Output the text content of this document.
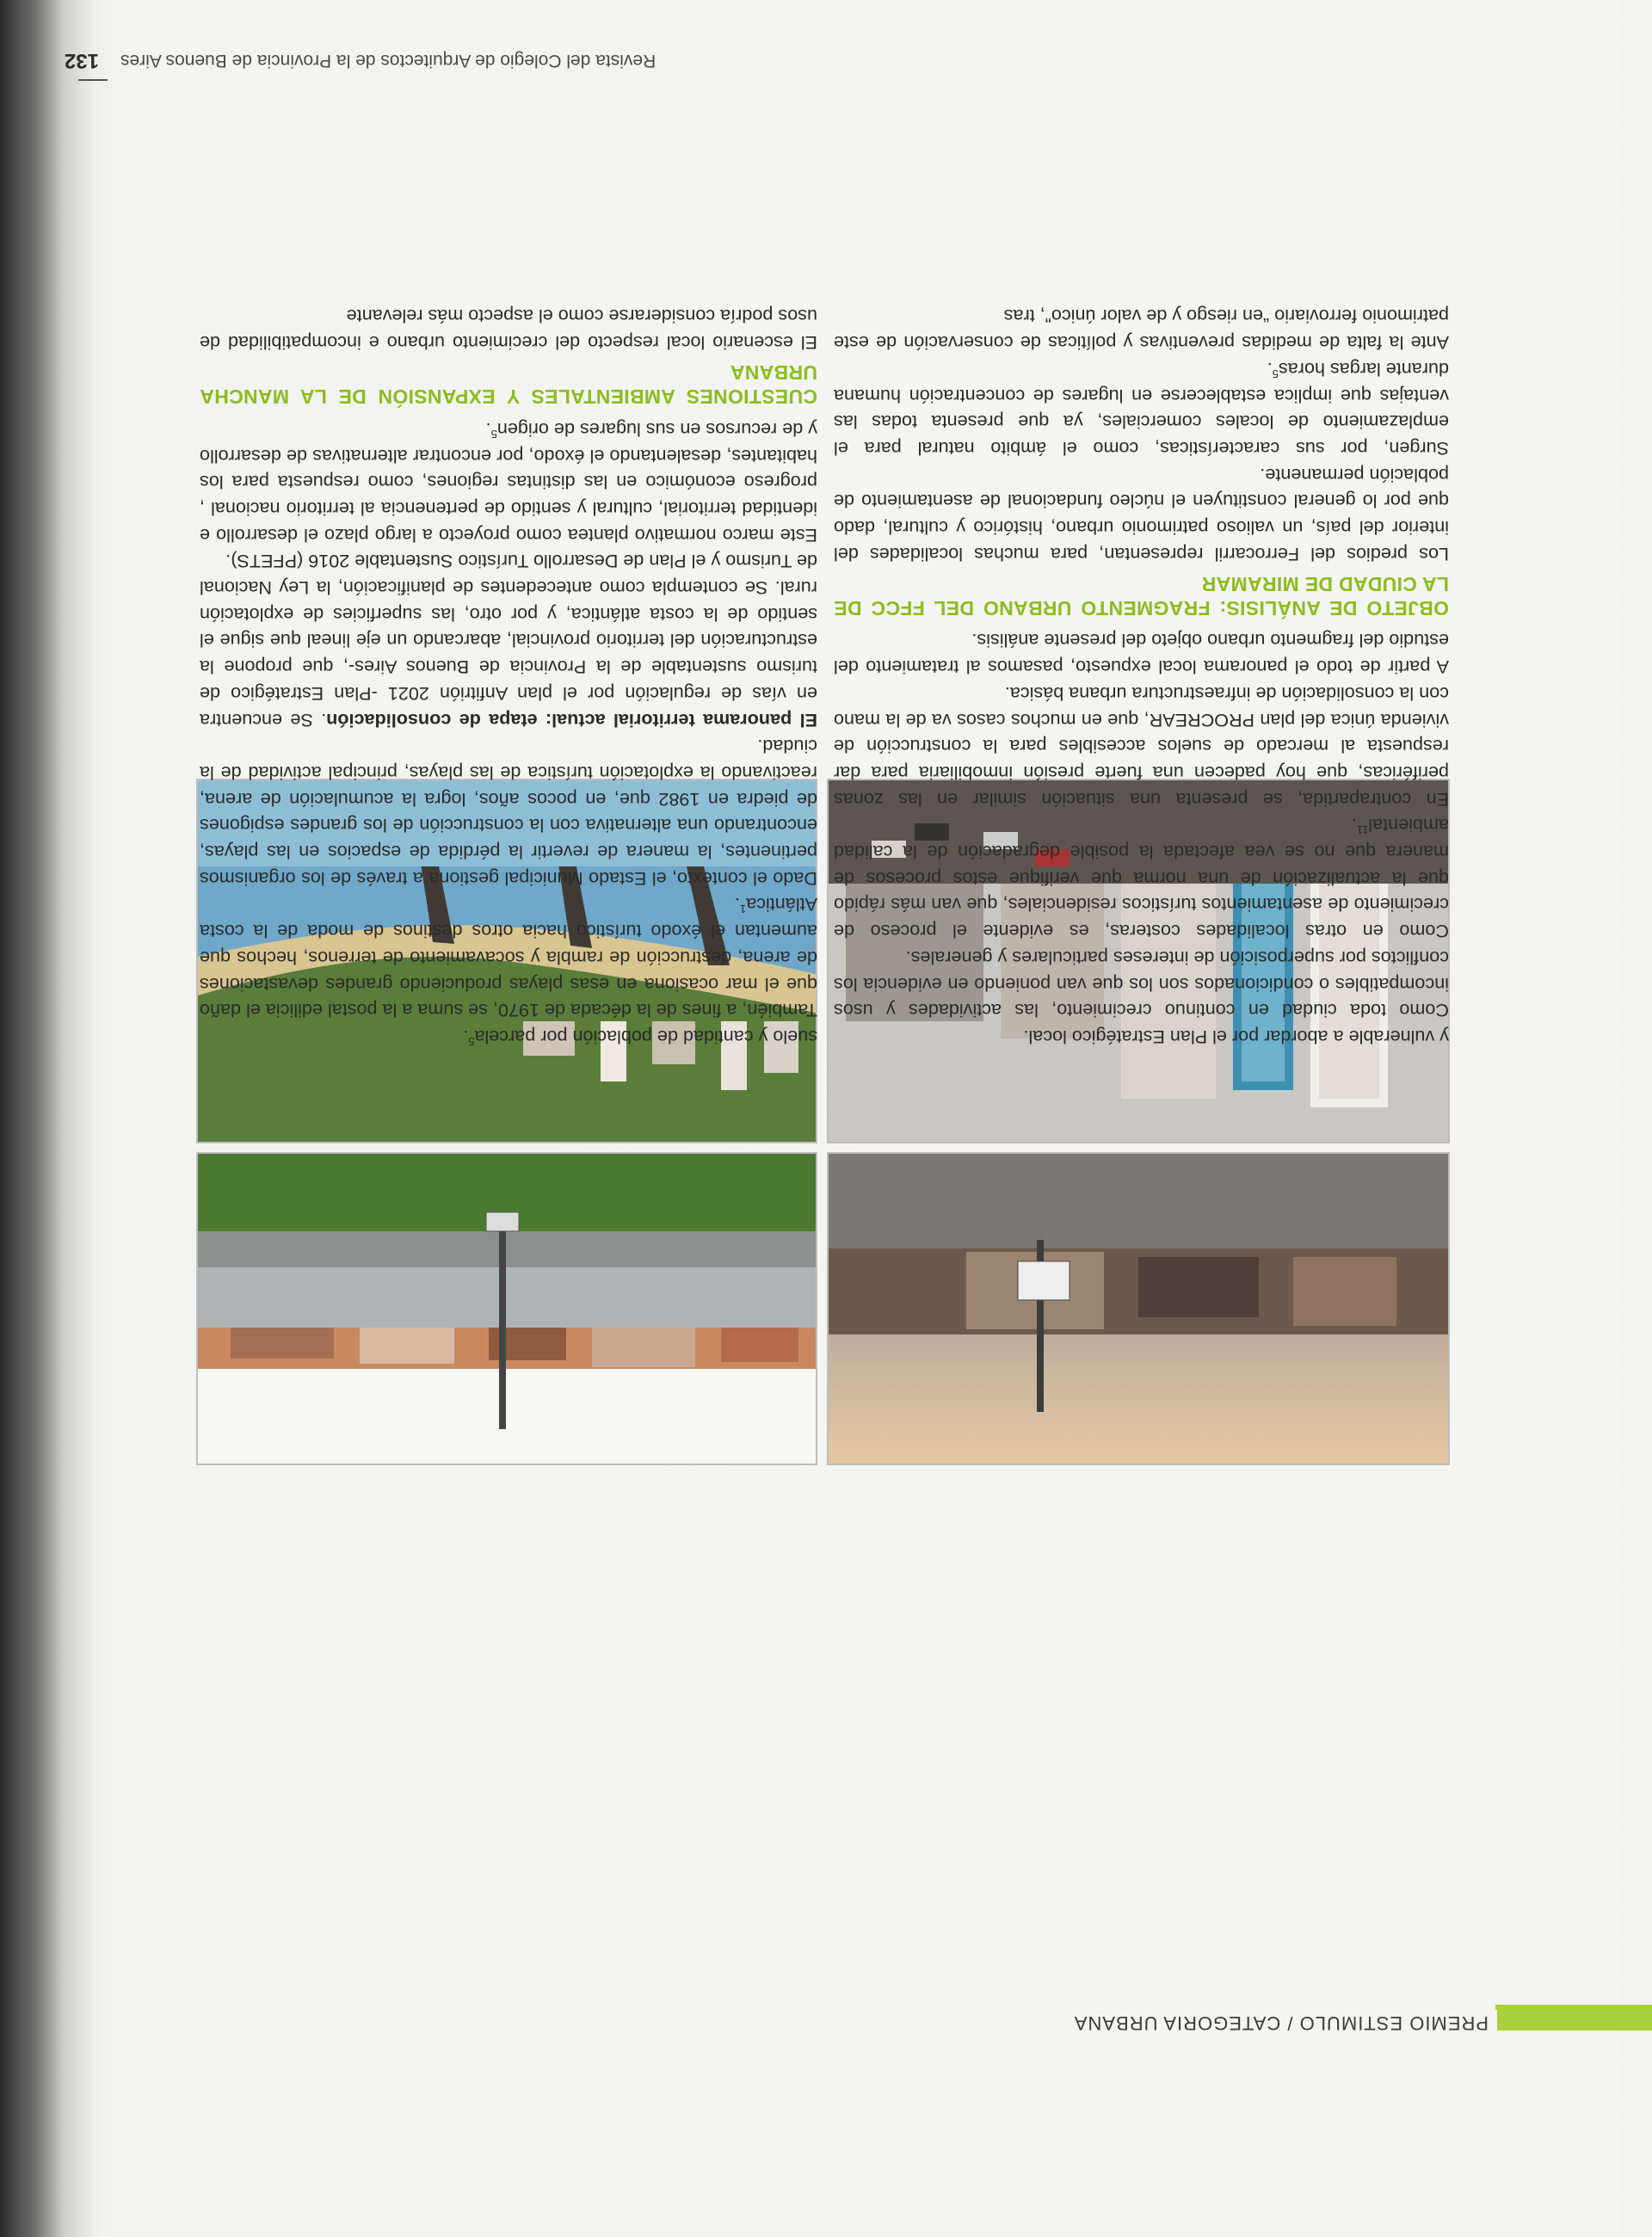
PREMIO ESTIMULO / CATEGORIA URBANA

y vulnerable a abordar por el Plan Estratégico local.

Como toda ciudad en continuo crecimiento, las actividades y usos incompatibles o condicionados son los que van poniendo en evidencia los conflictos por superposición de intereses particulares y generales.

Como en otras localidades costeras, es evidente el proceso de crecimiento de asentamientos turísticos residenciales, que van más rápido que la actualización de una norma que verifique estos procesos de manera que no se vea afectada la posible degradación de la calidad ambiental$^{11}$.

En contrapartida, se presenta una situación similar en las zonas periféricas, que hoy padecen una fuerte presión inmobiliaria para dar respuesta al mercado de suelos accesibles para la construcción de vivienda única del plan PROCREAR, que en muchos casos va de la mano con la consolidación de infraestructura urbana básica.

A partir de todo el panorama local expuesto, pasamos al tratamiento del estudio del fragmento urbano objeto del presente análisis.

OBJETO DE ANÁLISIS: FRAGMENTO URBANO DEL FFCC DE LA CIUDAD DE MIRAMAR

Los predios del Ferrocarril representan, para muchas localidades del interior del país, un valioso patrimonio urbano, histórico y cultural, dado que por lo general constituyen el núcleo fundacional de asentamiento de población permanente.

Surgen, por sus características, como el ámbito natural para el emplazamiento de locales comerciales, ya que presenta todas las ventajas que implica establecerse en lugares de concentración humana durante largas horas$^5$.

Ante la falta de medidas preventivas y políticas de conservación de este patrimonio ferroviario “en riesgo y de valor único”, tras

suelo y cantidad de población por parcela$^5$.

También, a fines de la década de 1970, se suma a la postal edilicia el daño que el mar ocasiona en esas playas produciendo grandes devastaciones de arena, destrucción de rambla y socavamiento de terrenos, hechos que aumentan el éxodo turístico hacia otros destinos de moda de la costa Atlántica$^1$.

Dado el contexto, el Estado Municipal gestiona a través de los organismos pertinentes, la manera de revertir la pérdida de espacios en las playas, encontrando una alternativa con la construcción de los grandes espigones de piedra en 1982 que, en pocos años, logra la acumulación de arena, reactivando la explotación turística de las playas, principal actividad de la ciudad.

El panorama territorial actual: etapa de consolidación. Se encuentra en vías de regulación por el plan Anfitrión 2021 -Plan Estratégico de turismo sustentable de la Provincia de Buenos Aires-, que propone la estructuración del territorio provincial, abarcando un eje lineal que sigue el sentido de la costa atlántica, y por otro, las superficies de explotación rural. Se contempla como antecedentes de planificación, la Ley Nacional de Turismo y el Plan de Desarrollo Turístico Sustentable 2016 (PFETS).

Este marco normativo plantea como proyecto a largo plazo el desarrollo e identidad territorial, cultural y sentido de pertenencia al territorio nacional , progreso económico en las distintas regiones, como respuesta para los habitantes, desalentando el éxodo, por encontrar alternativas de desarrollo y de recursos en sus lugares de origen$^5$.

CUESTIONES AMBIENTALES Y EXPANSIÓN DE LA MANCHA URBANA

El escenario local respecto del crecimiento urbano e incompatibilidad de usos podría considerarse como el aspecto más relevante

132 Revista del Colegio de Arquitectos de la Provincia de Buenos Aires
